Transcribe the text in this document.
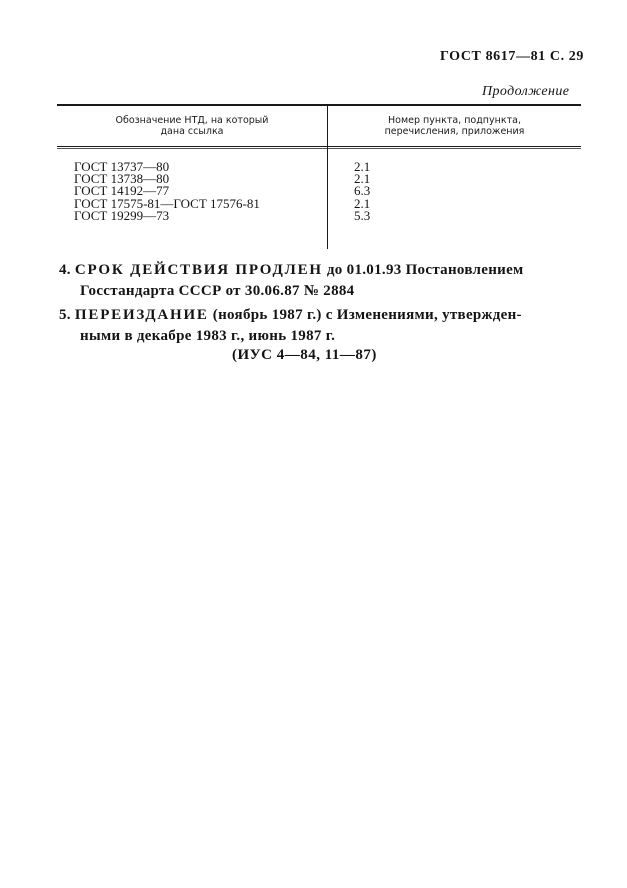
ГОСТ 8617—81 С. 29
Продолжение
Обозначение НТД, на который
дана ссылка
Номер пункта, подпункта,
перечисления, приложения
ГОСТ 13737—80
ГОСТ 13738—80
ГОСТ 14192—77
ГОСТ 17575-81—ГОСТ 17576-81
ГОСТ 19299—73
2.1
2.1
6.3
2.1
5.3
4. СРОК ДЕЙСТВИЯ ПРОДЛЕН до 01.01.93 Постановлением
Госстандарта СССР от 30.06.87 № 2884
5. ПЕРЕИЗДАНИЕ (ноябрь 1987 г.) с Изменениями, утвержден-
ными в декабре 1983 г., июнь 1987 г.
(ИУС 4—84, 11—87)
